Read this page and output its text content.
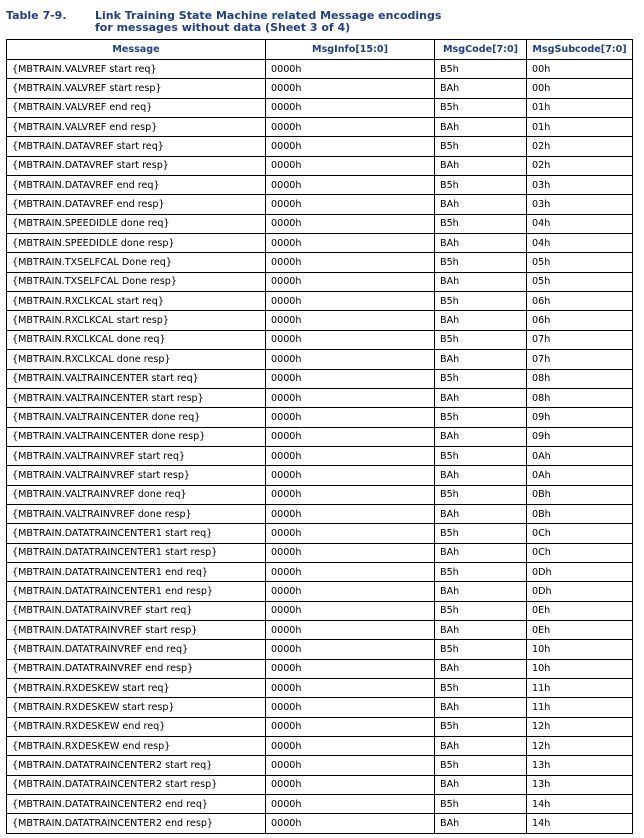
Table 7-9.	Link Training State Machine related Message encodings
for messages without data (Sheet 3 of 4)
Message	MsgInfo[15:0]	MsgCode[7:0]	MsgSubcode[7:0]
{MBTRAIN.VALVREF start req}	0000h	B5h	00h
{MBTRAIN.VALVREF start resp}	0000h	BAh	00h
{MBTRAIN.VALVREF end req}	0000h	B5h	01h
{MBTRAIN.VALVREF end resp}	0000h	BAh	01h
{MBTRAIN.DATAVREF start req}	0000h	B5h	02h
{MBTRAIN.DATAVREF start resp}	0000h	BAh	02h
{MBTRAIN.DATAVREF end req}	0000h	B5h	03h
{MBTRAIN.DATAVREF end resp}	0000h	BAh	03h
{MBTRAIN.SPEEDIDLE done req}	0000h	B5h	04h
{MBTRAIN.SPEEDIDLE done resp}	0000h	BAh	04h
{MBTRAIN.TXSELFCAL Done req}	0000h	B5h	05h
{MBTRAIN.TXSELFCAL Done resp}	0000h	BAh	05h
{MBTRAIN.RXCLKCAL start req}	0000h	B5h	06h
{MBTRAIN.RXCLKCAL start resp}	0000h	BAh	06h
{MBTRAIN.RXCLKCAL done req}	0000h	B5h	07h
{MBTRAIN.RXCLKCAL done resp}	0000h	BAh	07h
{MBTRAIN.VALTRAINCENTER start req}	0000h	B5h	08h
{MBTRAIN.VALTRAINCENTER start resp}	0000h	BAh	08h
{MBTRAIN.VALTRAINCENTER done req}	0000h	B5h	09h
{MBTRAIN.VALTRAINCENTER done resp}	0000h	BAh	09h
{MBTRAIN.VALTRAINVREF start req}	0000h	B5h	0Ah
{MBTRAIN.VALTRAINVREF start resp}	0000h	BAh	0Ah
{MBTRAIN.VALTRAINVREF done req}	0000h	B5h	0Bh
{MBTRAIN.VALTRAINVREF done resp}	0000h	BAh	0Bh
{MBTRAIN.DATATRAINCENTER1 start req}	0000h	B5h	0Ch
{MBTRAIN.DATATRAINCENTER1 start resp}	0000h	BAh	0Ch
{MBTRAIN.DATATRAINCENTER1 end req}	0000h	B5h	0Dh
{MBTRAIN.DATATRAINCENTER1 end resp}	0000h	BAh	0Dh
{MBTRAIN.DATATRAINVREF start req}	0000h	B5h	0Eh
{MBTRAIN.DATATRAINVREF start resp}	0000h	BAh	0Eh
{MBTRAIN.DATATRAINVREF end req}	0000h	B5h	10h
{MBTRAIN.DATATRAINVREF end resp}	0000h	BAh	10h
{MBTRAIN.RXDESKEW start req}	0000h	B5h	11h
{MBTRAIN.RXDESKEW start resp}	0000h	BAh	11h
{MBTRAIN.RXDESKEW end req}	0000h	B5h	12h
{MBTRAIN.RXDESKEW end resp}	0000h	BAh	12h
{MBTRAIN.DATATRAINCENTER2 start req}	0000h	B5h	13h
{MBTRAIN.DATATRAINCENTER2 start resp}	0000h	BAh	13h
{MBTRAIN.DATATRAINCENTER2 end req}	0000h	B5h	14h
{MBTRAIN.DATATRAINCENTER2 end resp}	0000h	BAh	14h
